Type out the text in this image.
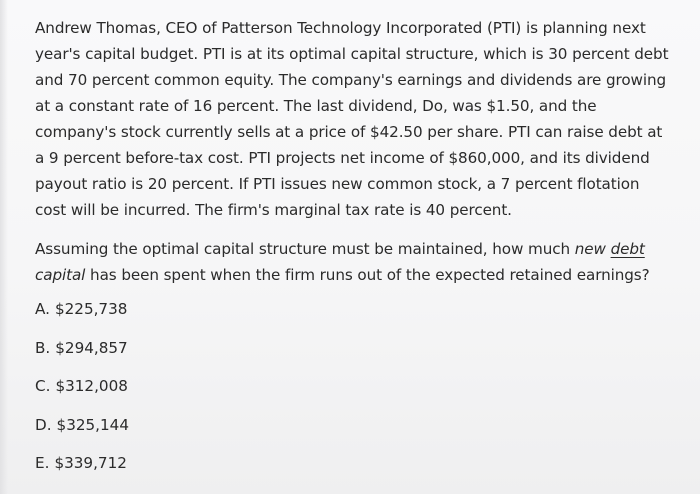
Andrew Thomas, CEO of Patterson Technology Incorporated (PTI) is planning next year's capital budget. PTI is at its optimal capital structure, which is 30 percent debt and 70 percent common equity. The company's earnings and dividends are growing at a constant rate of 16 percent. The last dividend, Do, was $1.50, and the company's stock currently sells at a price of $42.50 per share. PTI can raise debt at a 9 percent before-tax cost. PTI projects net income of $860,000, and its dividend payout ratio is 20 percent. If PTI issues new common stock, a 7 percent flotation cost will be incurred. The firm's marginal tax rate is 40 percent.

Assuming the optimal capital structure must be maintained, how much new debt capital has been spent when the firm runs out of the expected retained earnings?

A. $225,738
B. $294,857
C. $312,008
D. $325,144
E. $339,712
